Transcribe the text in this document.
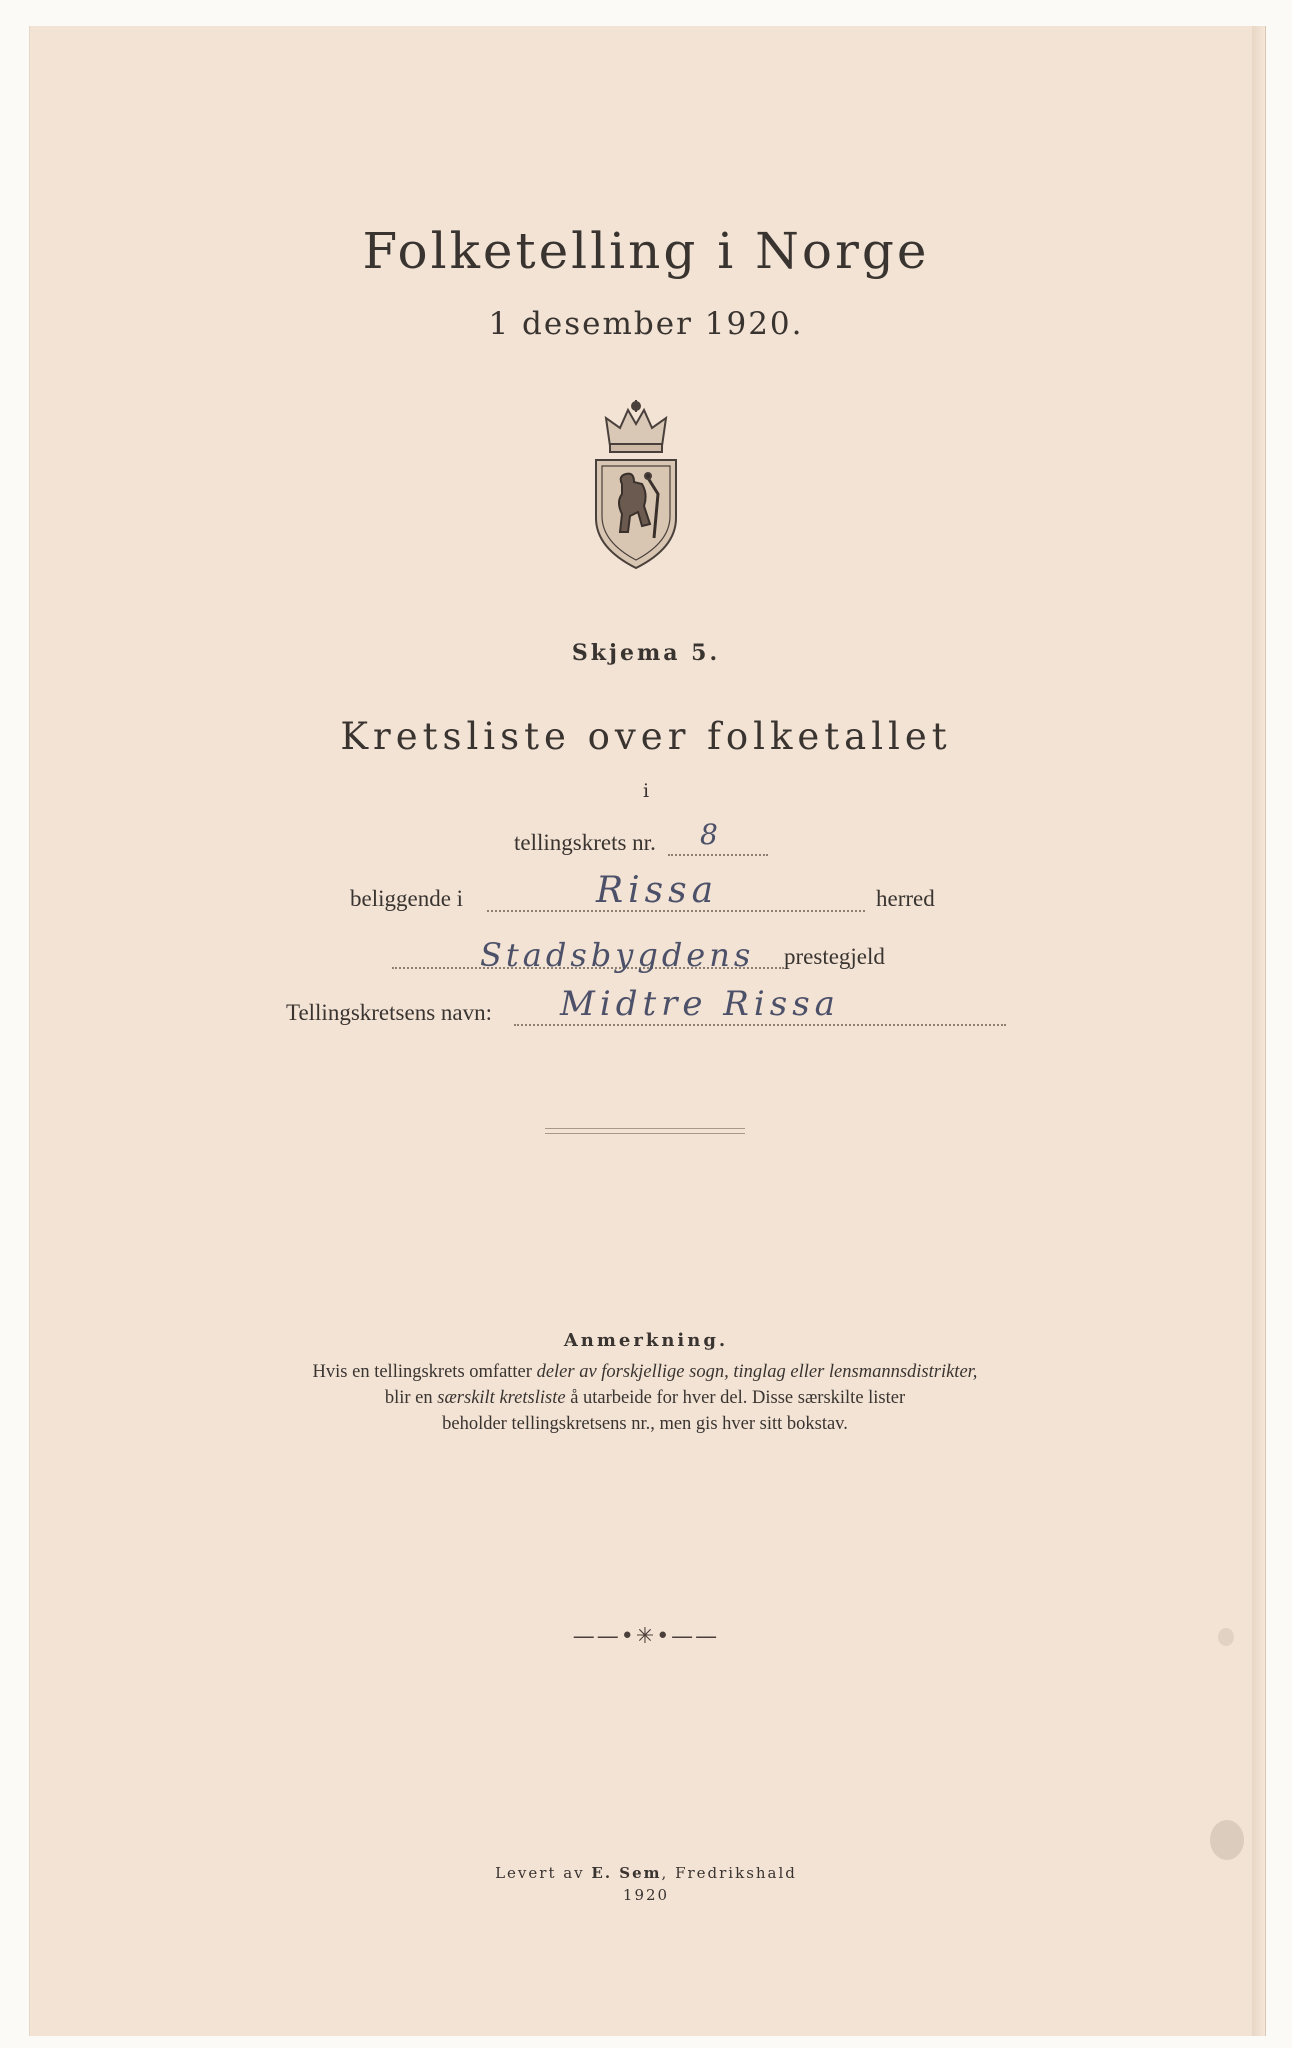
Folketelling i Norge
1 desember 1920.
Skjema 5.
Kretsliste over folketallet
i
tellingskrets nr. 8
beliggende i	Rissa	herred
Stadsbygdens prestegjeld
Tellingskretsens navn: Midtre Rissa
Anmerkning.
Hvis en tellingskrets omfatter deler av forskjellige sogn, tinglag eller lensmannsdistrikter,
blir en særskilt kretsliste å utarbeide for hver del. Disse særskilte lister
beholder tellingskretsens nr., men gis hver sitt bokstav.
——•✳•——
Levert av E. Sem, Fredrikshald
1920
